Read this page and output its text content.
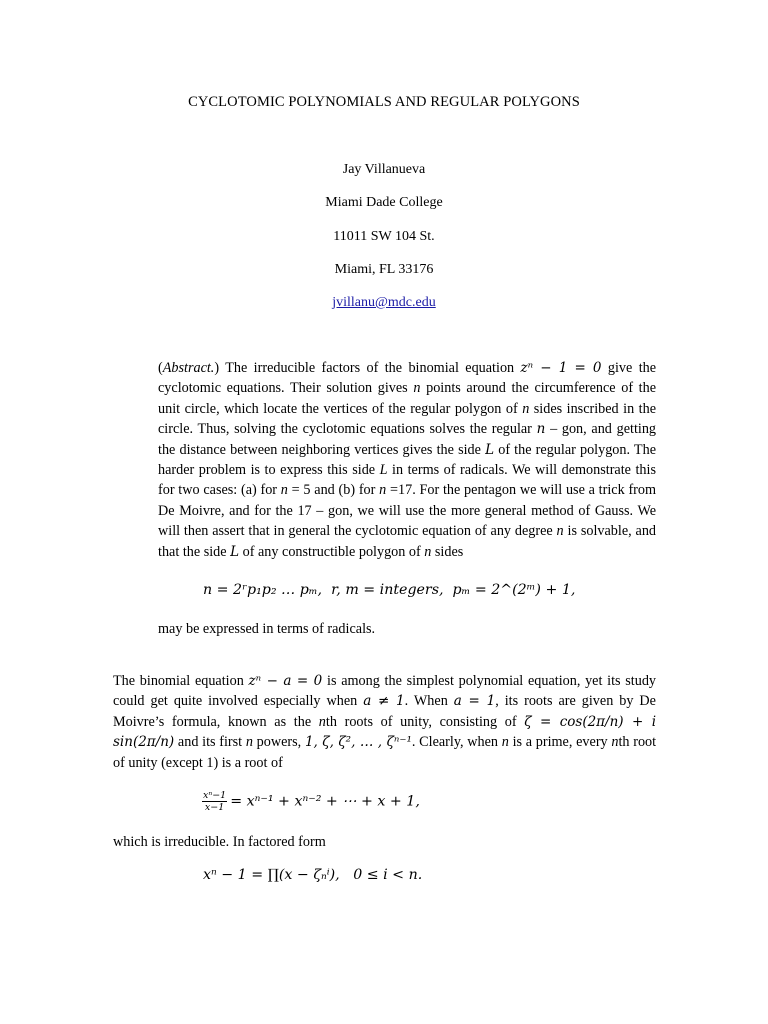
CYCLOTOMIC POLYNOMIALS AND REGULAR POLYGONS
Jay Villanueva
Miami Dade College
11011 SW 104 St.
Miami, FL 33176
jvillanu@mdc.edu
(Abstract.) The irreducible factors of the binomial equation zⁿ − 1 = 0 give the cyclotomic equations. Their solution gives n points around the circumference of the unit circle, which locate the vertices of the regular polygon of n sides inscribed in the circle. Thus, solving the cyclotomic equations solves the regular n – gon, and getting the distance between neighboring vertices gives the side L of the regular polygon. The harder problem is to express this side L in terms of radicals. We will demonstrate this for two cases: (a) for n = 5 and (b) for n =17. For the pentagon we will use a trick from De Moivre, and for the 17 – gon, we will use the more general method of Gauss. We will then assert that in general the cyclotomic equation of any degree n is solvable, and that the side L of any constructible polygon of n sides
n = 2ʳp₁p₂ … pₘ, r, m = integers, pₘ = 2^(2ᵐ) + 1,
may be expressed in terms of radicals.
The binomial equation zⁿ − a = 0 is among the simplest polynomial equation, yet its study could get quite involved especially when a ≠ 1. When a = 1, its roots are given by De Moivre’s formula, known as the nth roots of unity, consisting of ζ = cos(2π/n) + i sin(2π/n) and its first n powers, 1, ζ, ζ², … , ζⁿ⁻¹. Clearly, when n is a prime, every nth root of unity (except 1) is a root of
$\frac{\text{xⁿ−1}}{x-1} = x^{n-1} + x^{n-2}$ + ⋯ + x + 1,
which is irreducible. In factored form
xⁿ − 1 = ∏(x − ζₙⁱ), 0 ≤ i < n.
